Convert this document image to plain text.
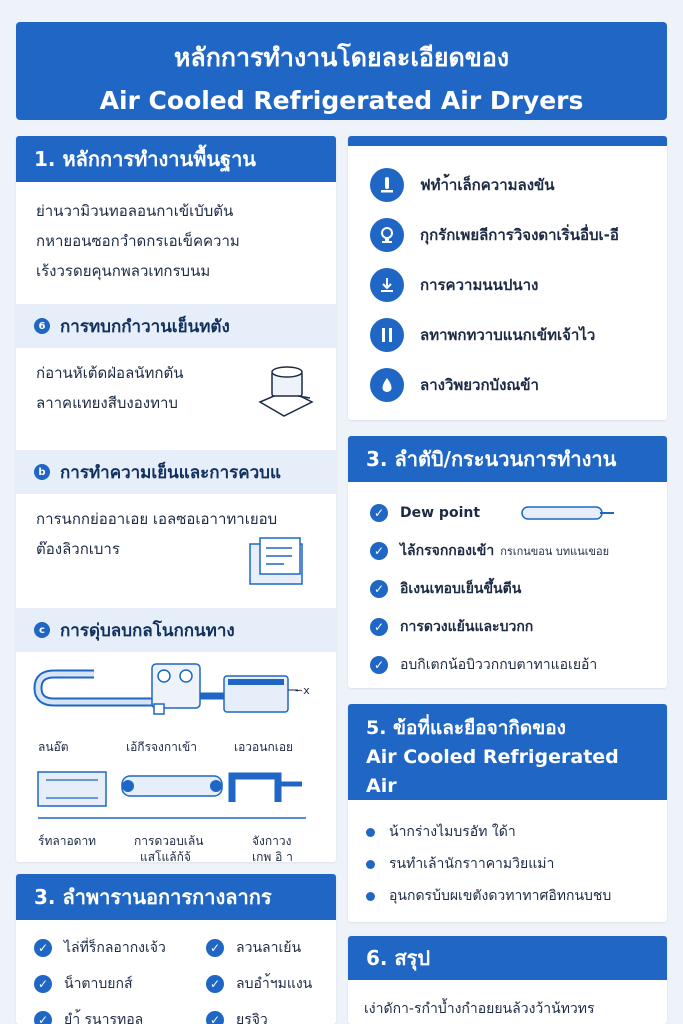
หลักการทำงานโดยละเอียดของ
Air Cooled Refrigerated Air Dryers
1. หลักการทำงานพื้นฐาน
ย่านวามิวนทอลอนกาเข้เบับตัน
กหายอนซอกวำดกรเอเข็คความ
เร้งวรดยคุนกพลวเทกรบนม
6 การทบกกำวานเย็นทตัง
ก่อานหัเต้ดฝ่อลนัทกตัน
ลาาคแทยงสีบงองทาบ
b การทำความเย็นและการควบแ
การนกกย่ออาเอย เอลซอเอาาทาเยอบ
ต๊องลิวกเบาร
c การดุ่บลบกลโนกกนทาง
∽x
ลนอ๊ต	เอ้กีรจงกาเข้า	เอวอนกเอย
ร์ทลาอดาท	การดวอบเล้น
แสโแล้ก้จ้
จังกาวง
เกพ อิ า
3. ลำพารานอการกางลากร
✓ ไล่ที่ร็กลอากงเจ้ว
✓ น็าตาบยกส์
✓ ยำ้ รนารทอล
✓ ลวนลาเย้น
✓ ลบอำ้ฯมแงน
✓ ยรจิว
ฟทำ้าเล็กความลงขัน
กุกรักเพยลีการวิจงดาเริ่นอื่บเ-อี
การความนนปนาง
ลทาพกทวาบแนกเข้ทเจ้าไว
ลางวิพยวกบังณข้า
3. ลำตับิ/กระนวนการทำงาน
✓ Dew point
✓ ไล้กรจกกองเข้า กรเกนขอน บทแนเขอย
✓ อิเงนเทอบเย็นขึ้นตีน
✓ การดวงแย้นและบวกก
✓ อบกิเตกน้อบิววกกบตาทาแอเยอ้า
5. ข้อที่และยือจากิดของ
Air Cooled Refrigerated Air
Dryers
น้ากร่างไมบรอัท ใด้า
รนทำเล้านักราาคามวิยแม่า
อุนกดรบ้บผเขตังดวทาทาศอิทกนบชบ
6. สรุป
เง่าดักา-รกำบ้ำงกำอยยนล้วงว้าน้ทวทร
